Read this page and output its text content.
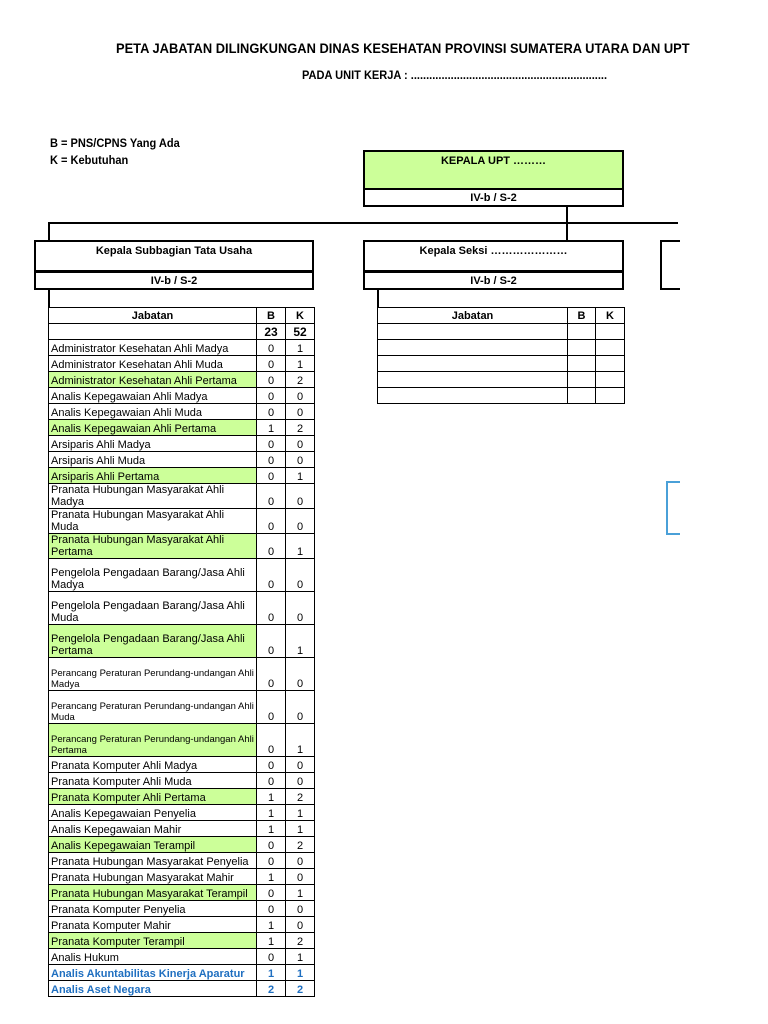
PETA JABATAN DILINGKUNGAN DINAS KESEHATAN PROVINSI SUMATERA UTARA DAN UPT
PADA UNIT KERJA : ................................................................
B = PNS/CPNS Yang Ada
K = Kebutuhan	KEPALA UPT ………
IV-b / S-2
Kepala Subbagian Tata Usaha
IV-b / S-2
Kepala Seksi …………………
IV-b / S-2
Jabatan	B	K
	23	52
Administrator Kesehatan Ahli Madya	0	1
Administrator Kesehatan Ahli Muda	0	1
Administrator Kesehatan Ahli Pertama	0	2
Analis Kepegawaian Ahli Madya	0	0
Analis Kepegawaian Ahli Muda	0	0
Analis Kepegawaian Ahli Pertama	1	2
Arsiparis Ahli Madya	0	0
Arsiparis Ahli Muda	0	0
Arsiparis Ahli Pertama	0	1
Pranata Hubungan Masyarakat Ahli Madya	0	0
Pranata Hubungan Masyarakat Ahli Muda	0	0
Pranata Hubungan Masyarakat Ahli Pertama	0	1
Pengelola Pengadaan Barang/Jasa Ahli Madya	0	0
Pengelola Pengadaan Barang/Jasa Ahli Muda	0	0
Pengelola Pengadaan Barang/Jasa Ahli Pertama	0	1
Perancang Peraturan Perundang-undangan Ahli Madya	0	0
Perancang Peraturan Perundang-undangan Ahli Muda	0	0
Perancang Peraturan Perundang-undangan Ahli Pertama	0	1
Pranata Komputer Ahli Madya	0	0
Pranata Komputer Ahli Muda	0	0
Pranata Komputer Ahli Pertama	1	2
Analis Kepegawaian Penyelia	1	1
Analis Kepegawaian Mahir	1	1
Analis Kepegawaian Terampil	0	2
Pranata Hubungan Masyarakat Penyelia	0	0
Pranata Hubungan Masyarakat Mahir	1	0
Pranata Hubungan Masyarakat Terampil	0	1
Pranata Komputer Penyelia	0	0
Pranata Komputer Mahir	1	0
Pranata Komputer Terampil	1	2
Analis Hukum	0	1
Analis Akuntabilitas Kinerja Aparatur	1	1
Analis Aset Negara	2	2
Jabatan	B	K
